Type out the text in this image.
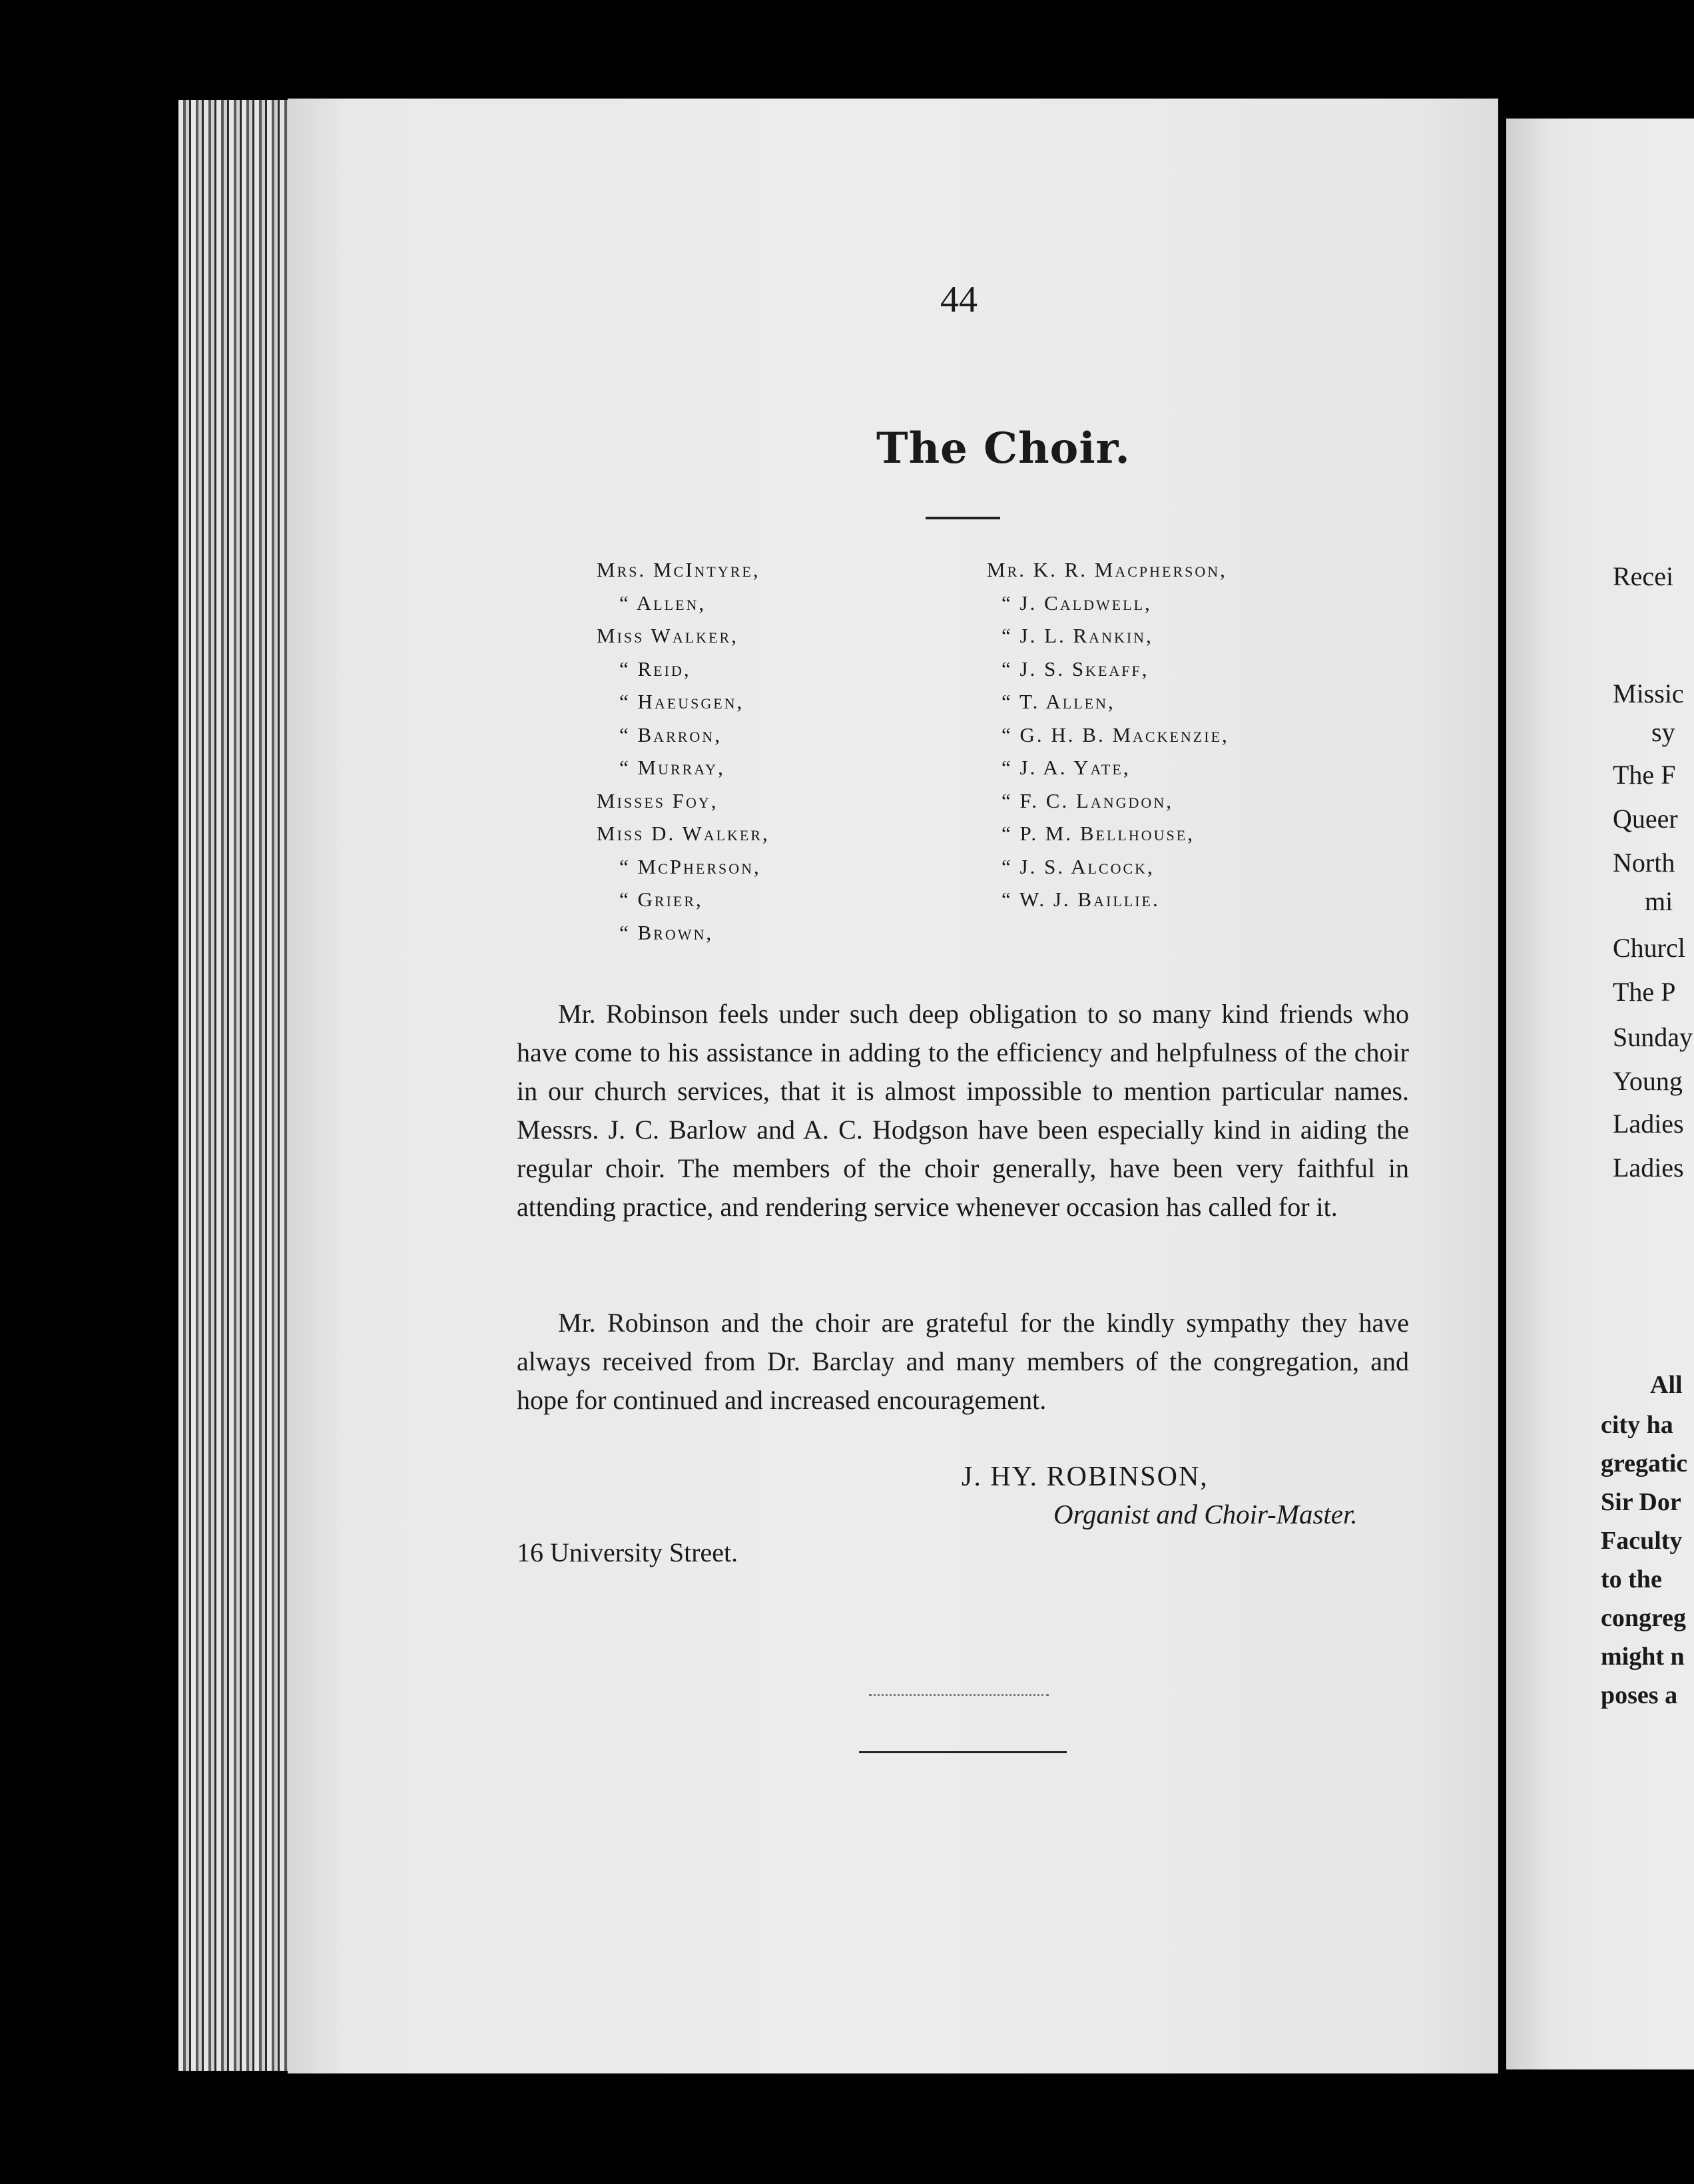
44
The Choir.
Mrs. McIntyre,
“ Allen,
Miss Walker,
“ Reid,
“ Haeusgen,
“ Barron,
“ Murray,
Misses Foy,
Miss D. Walker,
“ McPherson,
“ Grier,
“ Brown,
Mr. K. R. Macpherson,
“ J. Caldwell,
“ J. L. Rankin,
“ J. S. Skeaff,
“ T. Allen,
“ G. H. B. Mackenzie,
“ J. A. Yate,
“ F. C. Langdon,
“ P. M. Bellhouse,
“ J. S. Alcock,
“ W. J. Baillie.
Mr. Robinson feels under such deep obligation to so many kind friends who have come to his assistance in adding to the efficiency and helpfulness of the choir in our church services, that it is almost impossible to mention particular names. Messrs. J. C. Barlow and A. C. Hodgson have been especially kind in aiding the regular choir. The members of the choir generally, have been very faithful in attending practice, and rendering service whenever occasion has called for it.
Mr. Robinson and the choir are grateful for the kindly sympathy they have always received from Dr. Barclay and many members of the congregation, and hope for continued and increased encouragement.
J. HY. ROBINSON,
Organist and Choir-Master.
16 University Street.
Recei
Missic
sy
The F
Queer
North
mi
Churcl
The P
Sunday
Young
Ladies
Ladies
All
city ha
gregatic
Sir Dor
Faculty
to the
congreg
might n
poses a
